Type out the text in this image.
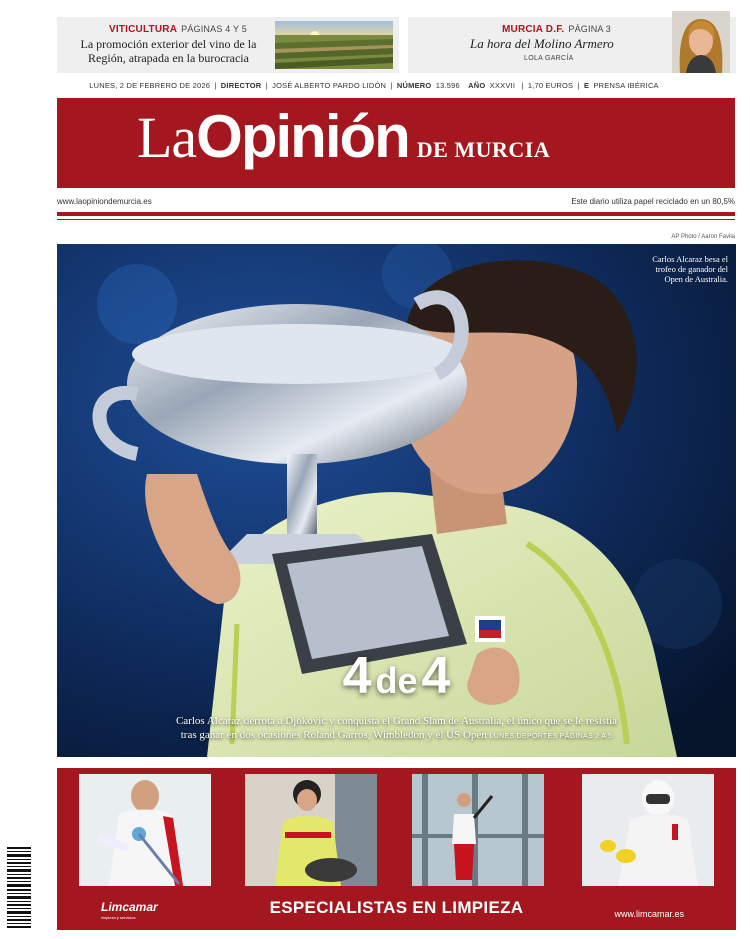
VITICULTURA PÁGINAS 4 Y 5
La promoción exterior del vino de la
Región, atrapada en la burocracia
MURCIA D.F. PÁGINA 3
La hora del Molino Armero
LOLA GARCÍA
LUNES, 2 DE FEBRERO DE 2026 | DIRECTOR | JOSÉ ALBERTO PARDO LIDÓN | NÚMERO 13.596 AÑO XXXVII | 1,70 EUROS | E PRENSA IBÉRICA
LaOpinión DE MURCIA
www.laopiniondemurcia.es	Este diario utiliza papel reciclado en un 80,5%
AP Photo / Aaron Favila
Carlos Alcaraz besa el trofeo de ganador del Open de Australia.
4 de4
Carlos Alcaraz derrota a Djokovic y conquista el Grand Slam de Australia, el único que se le resistía
tras ganar en dos ocasiones Roland Garros, Wimbledon y el US Open LUNES DEPORTES PÁGINAS 2 A 5
Limcamar
limpieza y servicios
ESPECIALISTAS EN LIMPIEZA	www.limcamar.es
